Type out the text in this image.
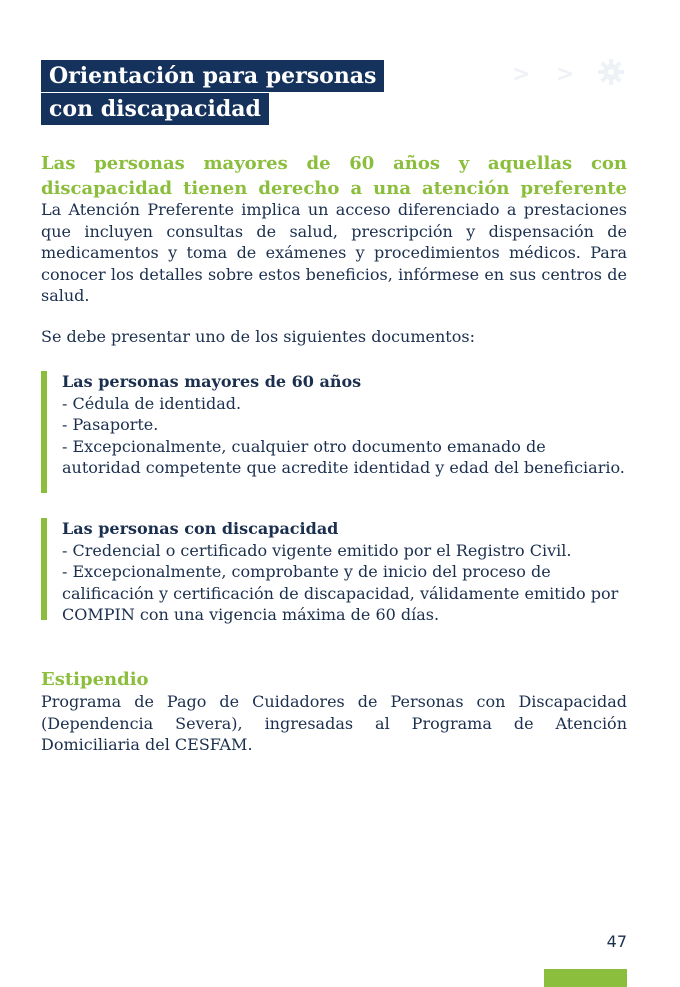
Orientación para personas
con discapacidad
> >
Las personas mayores de 60 años y aquellas con discapacidad tienen derecho a una atención preferente
La Atención Preferente implica un acceso diferenciado a prestaciones que incluyen consultas de salud, prescripción y dispensación de medicamentos y toma de exámenes y procedimientos médicos. Para conocer los detalles sobre estos beneficios, infórmese en sus centros de salud.
Se debe presentar uno de los siguientes documentos:
Las personas mayores de 60 años
- Cédula de identidad.
- Pasaporte.
- Excepcionalmente, cualquier otro documento emanado de autoridad competente que acredite identidad y edad del beneficiario.
Las personas con discapacidad
- Credencial o certificado vigente emitido por el Registro Civil.
- Excepcionalmente, comprobante y de inicio del proceso de calificación y certificación de discapacidad, válidamente emitido por COMPIN con una vigencia máxima de 60 días.
Estipendio
Programa de Pago de Cuidadores de Personas con Discapacidad (Dependencia Severa), ingresadas al Programa de Atención Domiciliaria del CESFAM.
47
